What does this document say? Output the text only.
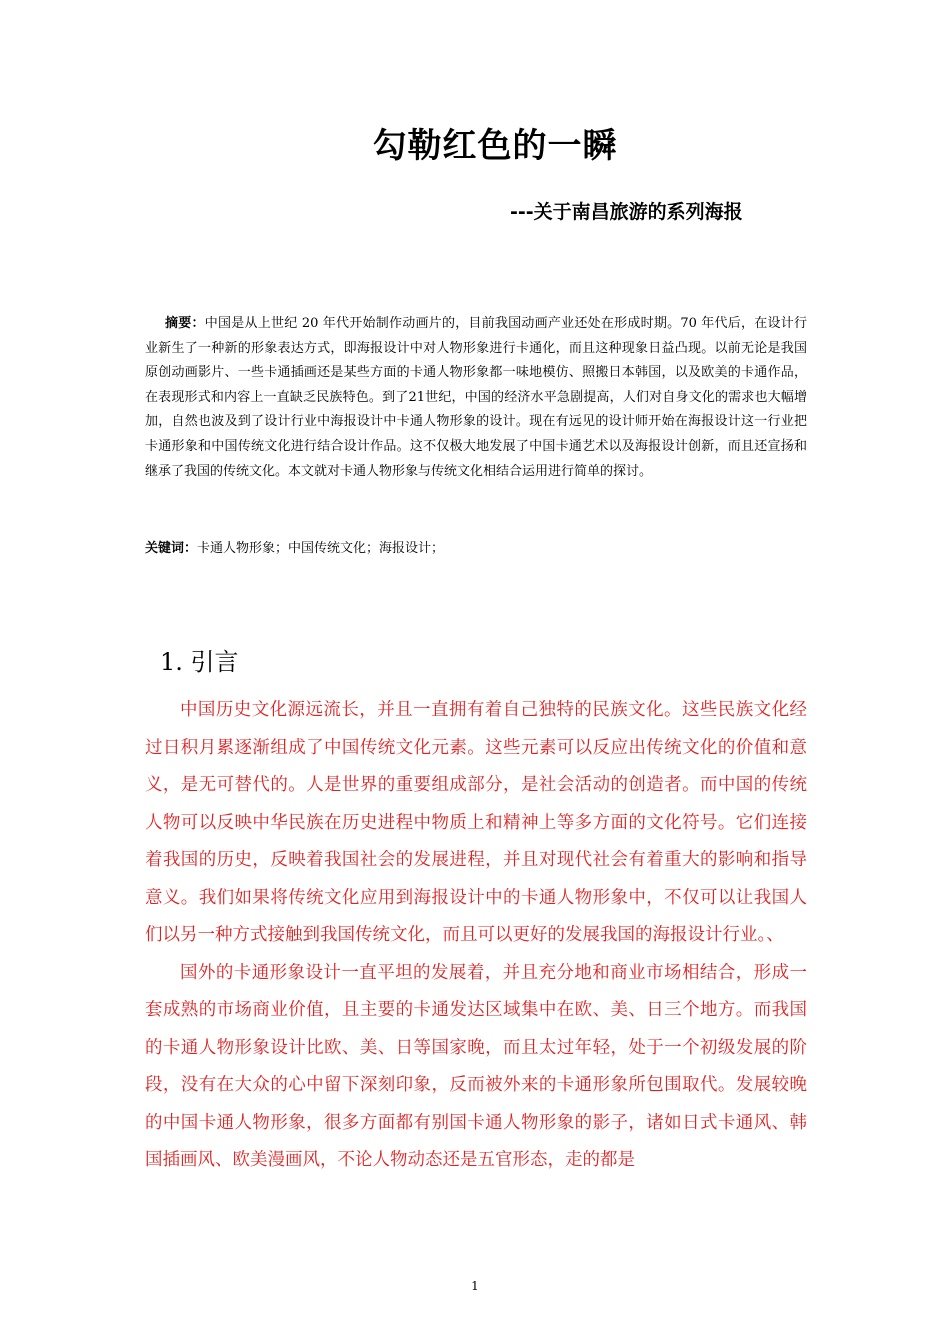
勾勒红色的一瞬
---关于南昌旅游的系列海报
摘要：中国是从上世纪 20 年代开始制作动画片的，目前我国动画产业还处在形成时期。70 年代后，在设计行业新生了一种新的形象表达方式，即海报设计中对人物形象进行卡通化，而且这种现象日益凸现。以前无论是我国原创动画影片、一些卡通插画还是某些方面的卡通人物形象都一味地模仿、照搬日本韩国，以及欧美的卡通作品，在表现形式和内容上一直缺乏民族特色。到了21世纪，中国的经济水平急剧提高，人们对自身文化的需求也大幅增加，自然也波及到了设计行业中海报设计中卡通人物形象的设计。现在有远见的设计师开始在海报设计这一行业把卡通形象和中国传统文化进行结合设计作品。这不仅极大地发展了中国卡通艺术以及海报设计创新，而且还宣扬和继承了我国的传统文化。本文就对卡通人物形象与传统文化相结合运用进行简单的探讨。
关键词：卡通人物形象；中国传统文化；海报设计；
1. 引言

中国历史文化源远流长，并且一直拥有着自己独特的民族文化。这些民族文化经过日积月累逐渐组成了中国传统文化元素。这些元素可以反应出传统文化的价值和意义，是无可替代的。人是世界的重要组成部分，是社会活动的创造者。而中国的传统人物可以反映中华民族在历史进程中物质上和精神上等多方面的文化符号。它们连接着我国的历史，反映着我国社会的发展进程，并且对现代社会有着重大的影响和指导意义。我们如果将传统文化应用到海报设计中的卡通人物形象中，不仅可以让我国人们以另一种方式接触到我国传统文化，而且可以更好的发展我国的海报设计行业。、

国外的卡通形象设计一直平坦的发展着，并且充分地和商业市场相结合，形成一套成熟的市场商业价值，且主要的卡通发达区域集中在欧、美、日三个地方。而我国的卡通人物形象设计比欧、美、日等国家晚，而且太过年轻，处于一个初级发展的阶段，没有在大众的心中留下深刻印象，反而被外来的卡通形象所包围取代。发展较晚的中国卡通人物形象，很多方面都有别国卡通人物形象的影子，诸如日式卡通风、韩国插画风、欧美漫画风，不论人物动态还是五官形态，走的都是

1
